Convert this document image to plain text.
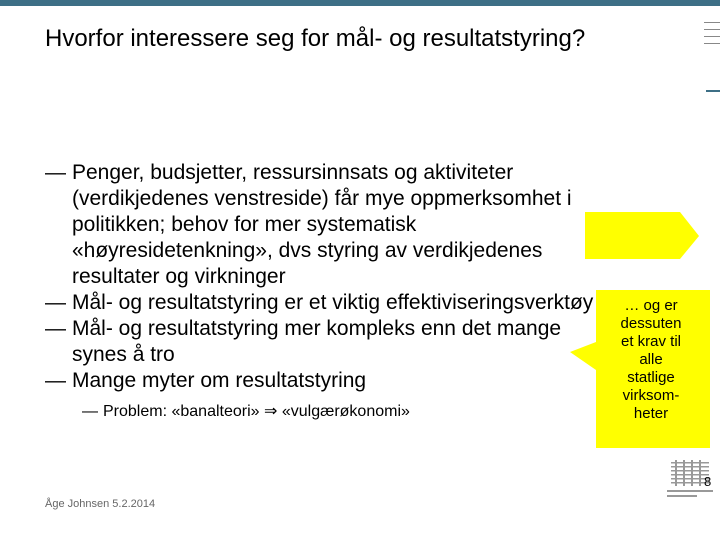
Hvorfor interessere seg for mål- og resultatstyring?
— Penger, budsjetter, ressursinnsats og aktiviteter (verdikjedenes venstreside) får mye oppmerksomhet i politikken; behov for mer systematisk «høyresidetenkning», dvs styring av verdikjedenes resultater og virkninger
— Mål- og resultatstyring er et viktig effektiviseringsverktøy
— Mål- og resultatstyring mer kompleks enn det mange synes å tro
— Mange myter om resultatstyring
— Problem: «banalteori» ⇒ «vulgærøkonomi»
… og er
dessuten
et krav til
alle
statlige
virksom-
heter
Åge Johnsen 5.2.2014
8
